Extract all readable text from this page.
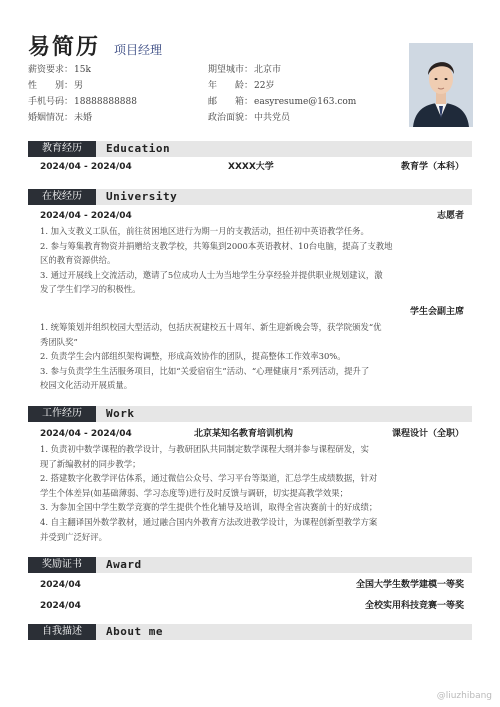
易简历 项目经理
薪资要求： 15k	期望城市： 北京市
性　　别： 男	年　　龄： 22岁
手机号码： 18888888888	邮　　箱： easyresume@163.com
婚姻情况： 未婚	政治面貌： 中共党员
教育经历	Education
2024/04 - 2024/04	XXXX大学	教育学（本科）
在校经历	University
2024/04 - 2024/04	志愿者
1. 加入支教义工队伍，前往贫困地区进行为期一月的支教活动，担任初中英语教学任务。
2. 参与筹集教育物资并捐赠给支教学校，共筹集到2000本英语教材、10台电脑，提高了支教地
区的教育资源供给。
3. 通过开展线上交流活动，邀请了5位成功人士为当地学生分享经验并提供职业规划建议，激
发了学生们学习的积极性。
学生会副主席
1. 统筹策划并组织校园大型活动，包括庆祝建校五十周年、新生迎新晚会等，获学院颁发“优
秀团队奖”
2. 负责学生会内部组织架构调整，形成高效协作的团队，提高整体工作效率30%。
3. 参与负责学生生活服务项目，比如“关爱宿宿生”活动、“心理健康月”系列活动，提升了
校园文化活动开展质量。
工作经历	Work
2024/04 - 2024/04	北京某知名教育培训机构	课程设计（全职）
1. 负责初中数学课程的教学设计，与教研团队共同制定数学课程大纲并参与课程研发，实
现了新编教材的同步教学；
2. 搭建数字化教学评估体系，通过微信公众号、学习平台等渠道，汇总学生成绩数据，针对
学生个体差异(如基础薄弱、学习态度等)进行及时反馈与调研，切实提高教学效果；
3. 为参加全国中学生数学竞赛的学生提供个性化辅导及培训，取得全省决赛前十的好成绩；
4. 自主翻译国外数学教材，通过融合国内外教育方法改进教学设计，为课程创新型教学方案
并受到广泛好评。
奖励证书	Award
2024/04	全国大学生数学建模一等奖
2024/04	全校实用科技竞赛一等奖
自我描述	About me
@liuzhibang
